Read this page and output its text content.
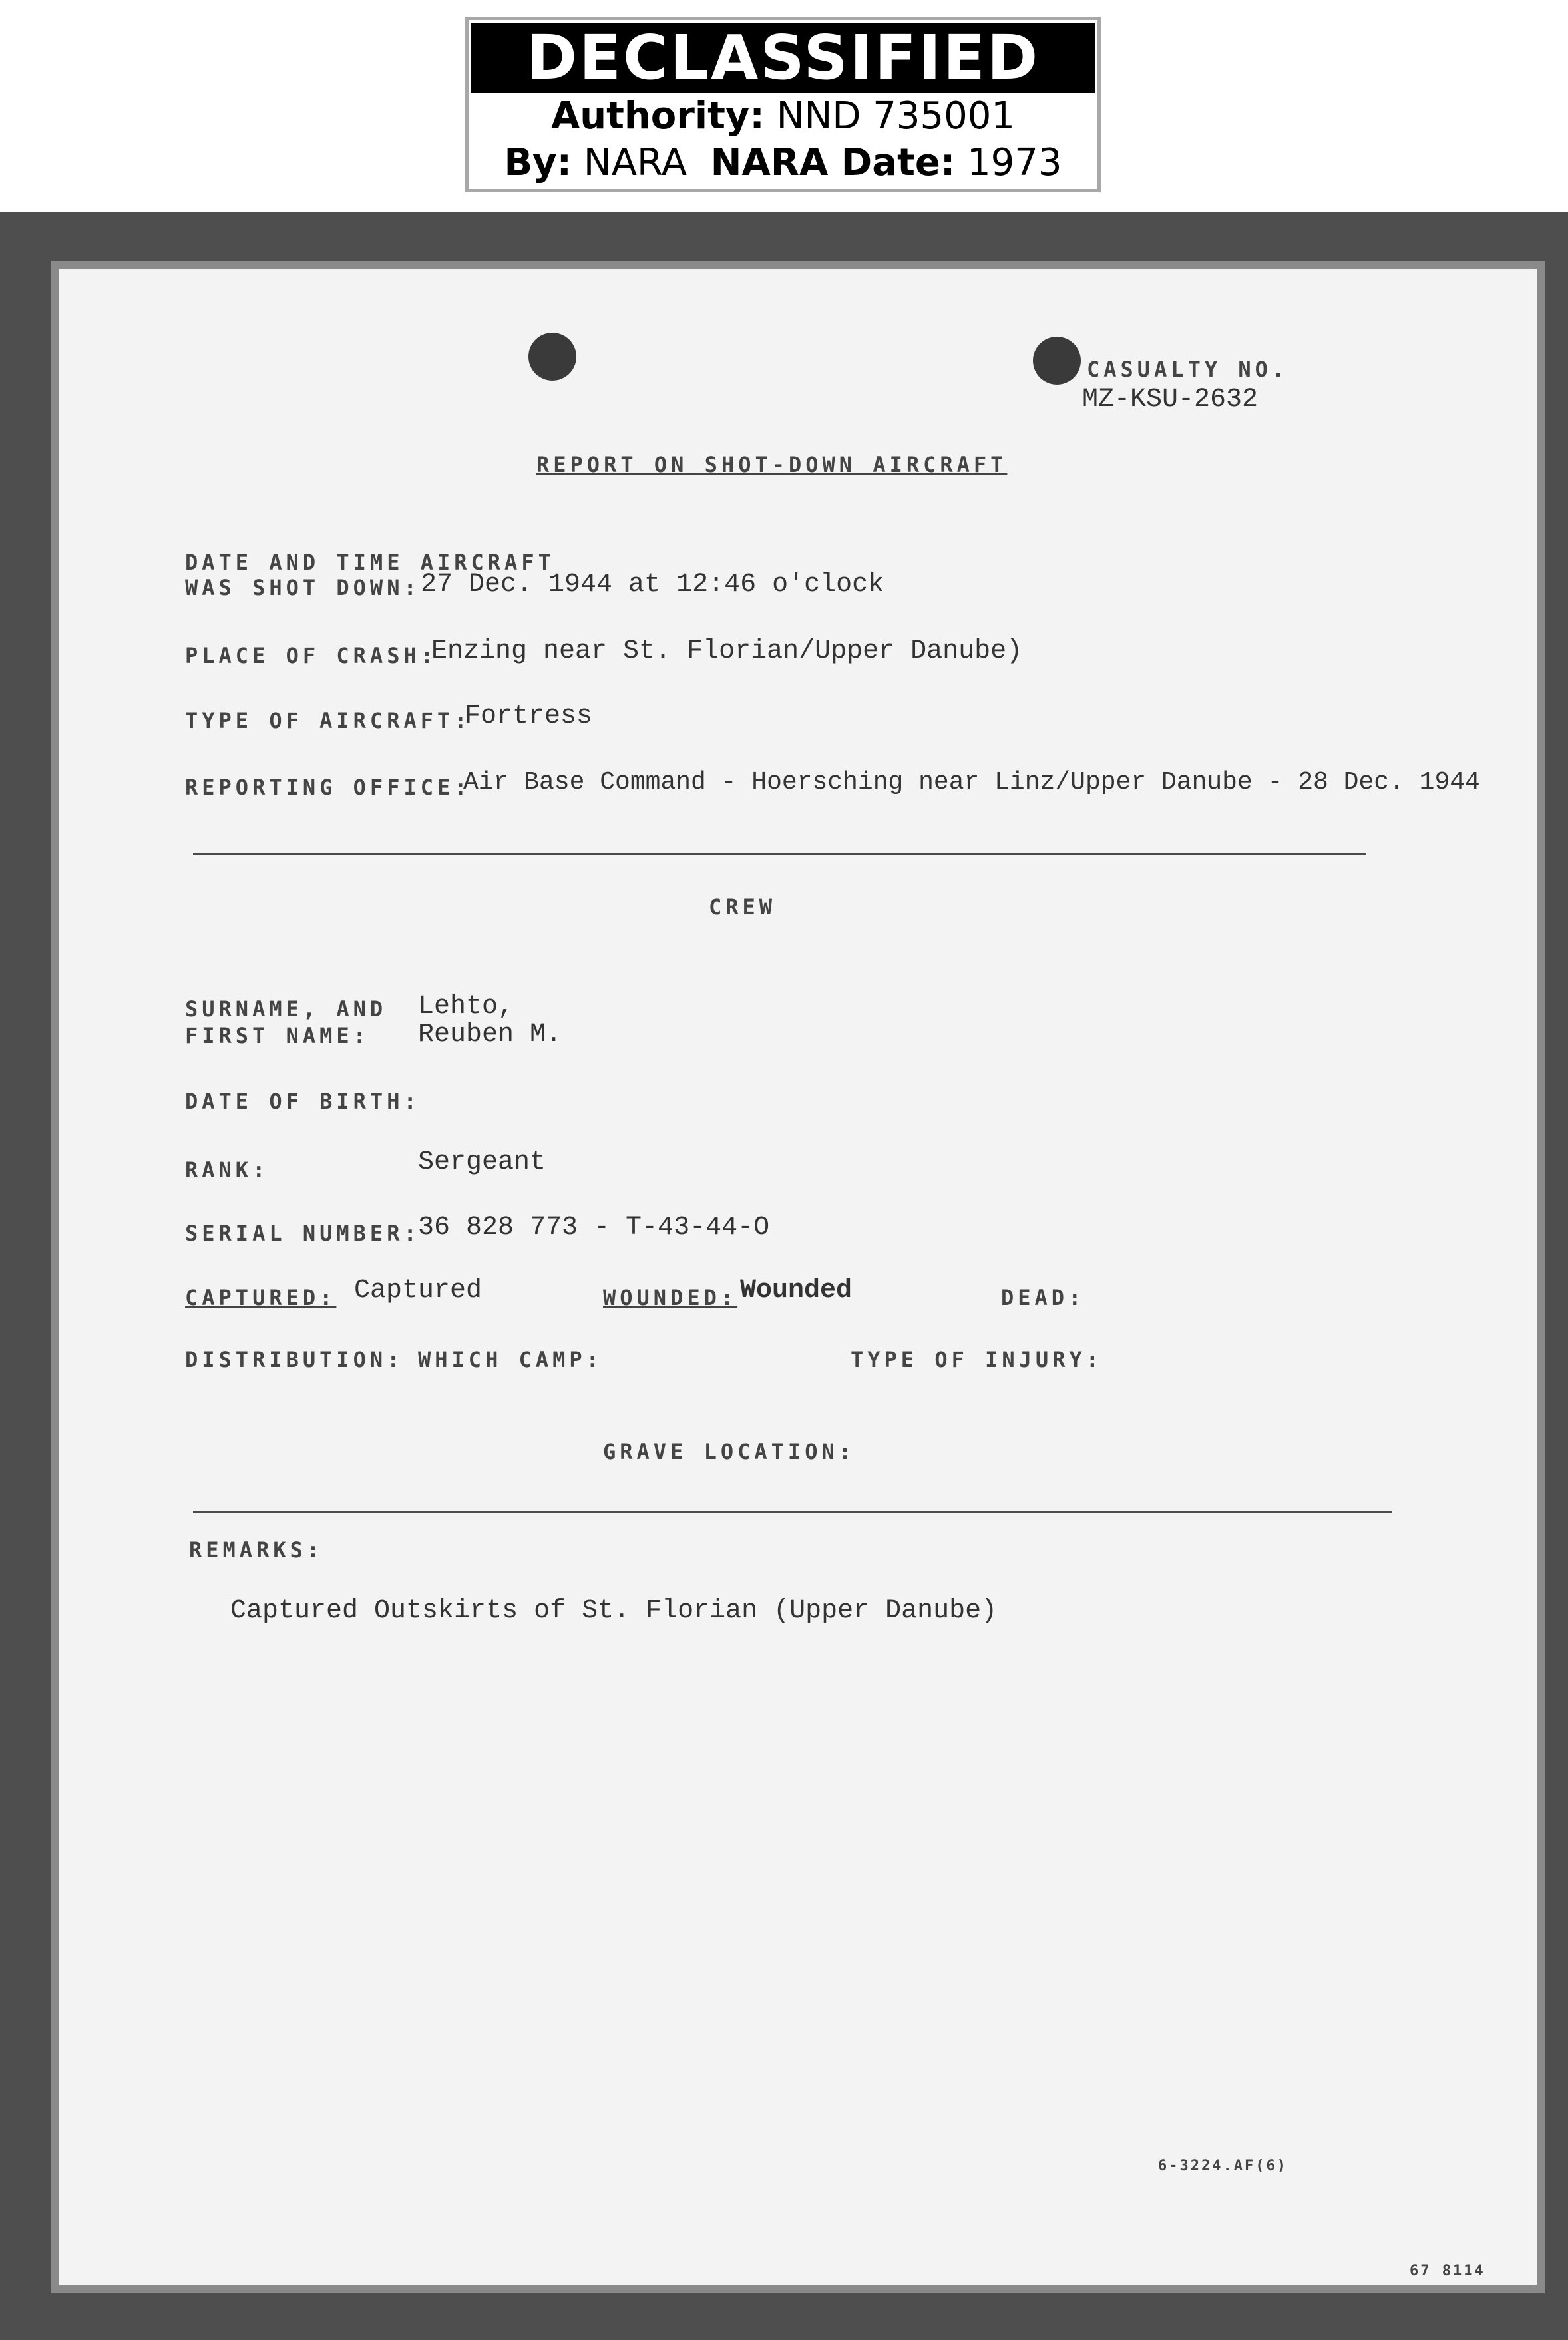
DECLASSIFIED
Authority: NND 735001
By: NARA NARA Date: 1973
CASUALTY NO.
MZ-KSU-2632
REPORT ON SHOT-DOWN AIRCRAFT
DATE AND TIME AIRCRAFT
WAS SHOT DOWN: 27 Dec. 1944 at 12:46 o'clock
PLACE OF CRASH:
Enzing near St. Florian/Upper Danube)
TYPE OF AIRCRAFT:
Fortress
REPORTING OFFICE:
Air Base Command - Hoersching near Linz/Upper Danube - 28 Dec. 1944
CREW
SURNAME, AND
FIRST NAME:
Lehto,
Reuben M.
DATE OF BIRTH:
RANK:	Sergeant
SERIAL NUMBER:
36 828 773 - T-43-44-O
CAPTURED: Captured	WOUNDED: Wounded	DEAD:
DISTRIBUTION: WHICH CAMP:	TYPE OF INJURY:
GRAVE LOCATION:
REMARKS:
Captured Outskirts of St. Florian (Upper Danube)
6-3224.AF(6)
67 8114
